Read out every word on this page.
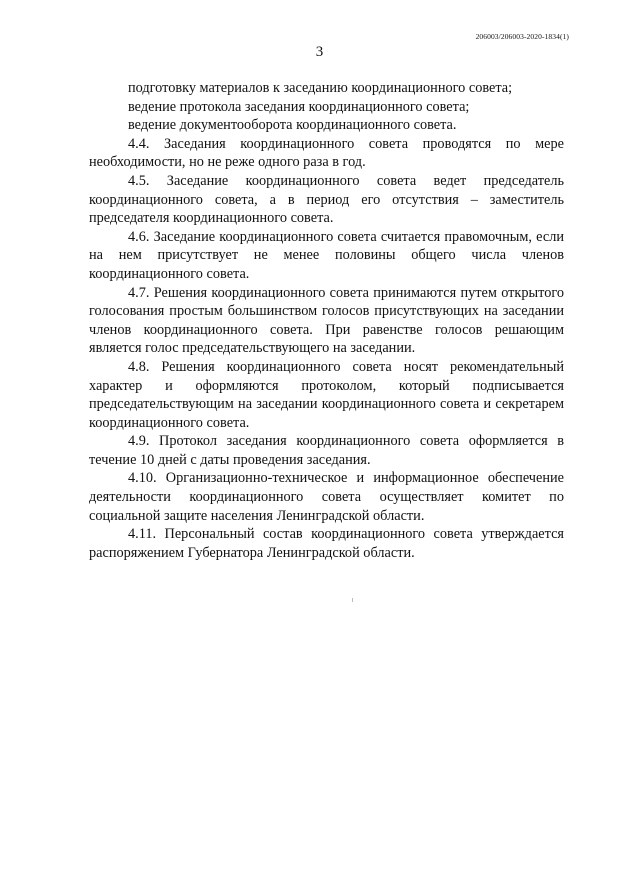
206003/206003-2020-1834(1)
3

подготовку материалов к заседанию координационного совета;

ведение протокола заседания координационного совета;

ведение документооборота координационного совета.

4.4. Заседания координационного совета проводятся по мере необходимости, но не реже одного раза в год.

4.5. Заседание координационного совета ведет председатель координационного совета, а в период его отсутствия – заместитель председателя координационного совета.

4.6. Заседание координационного совета считается правомочным, если на нем присутствует не менее половины общего числа членов координационного совета.

4.7. Решения координационного совета принимаются путем открытого голосования простым большинством голосов присутствующих на заседании членов координационного совета. При равенстве голосов решающим является голос председательствующего на заседании.

4.8. Решения координационного совета носят рекомендательный характер и оформляются протоколом, который подписывается председательствующим на заседании координационного совета и секретарем координационного совета.

4.9. Протокол заседания координационного совета оформляется в течение 10 дней с даты проведения заседания.

4.10. Организационно-техническое и информационное обеспечение деятельности координационного совета осуществляет комитет по социальной защите населения Ленинградской области.

4.11. Персональный состав координационного совета утверждается распоряжением Губернатора Ленинградской области.
